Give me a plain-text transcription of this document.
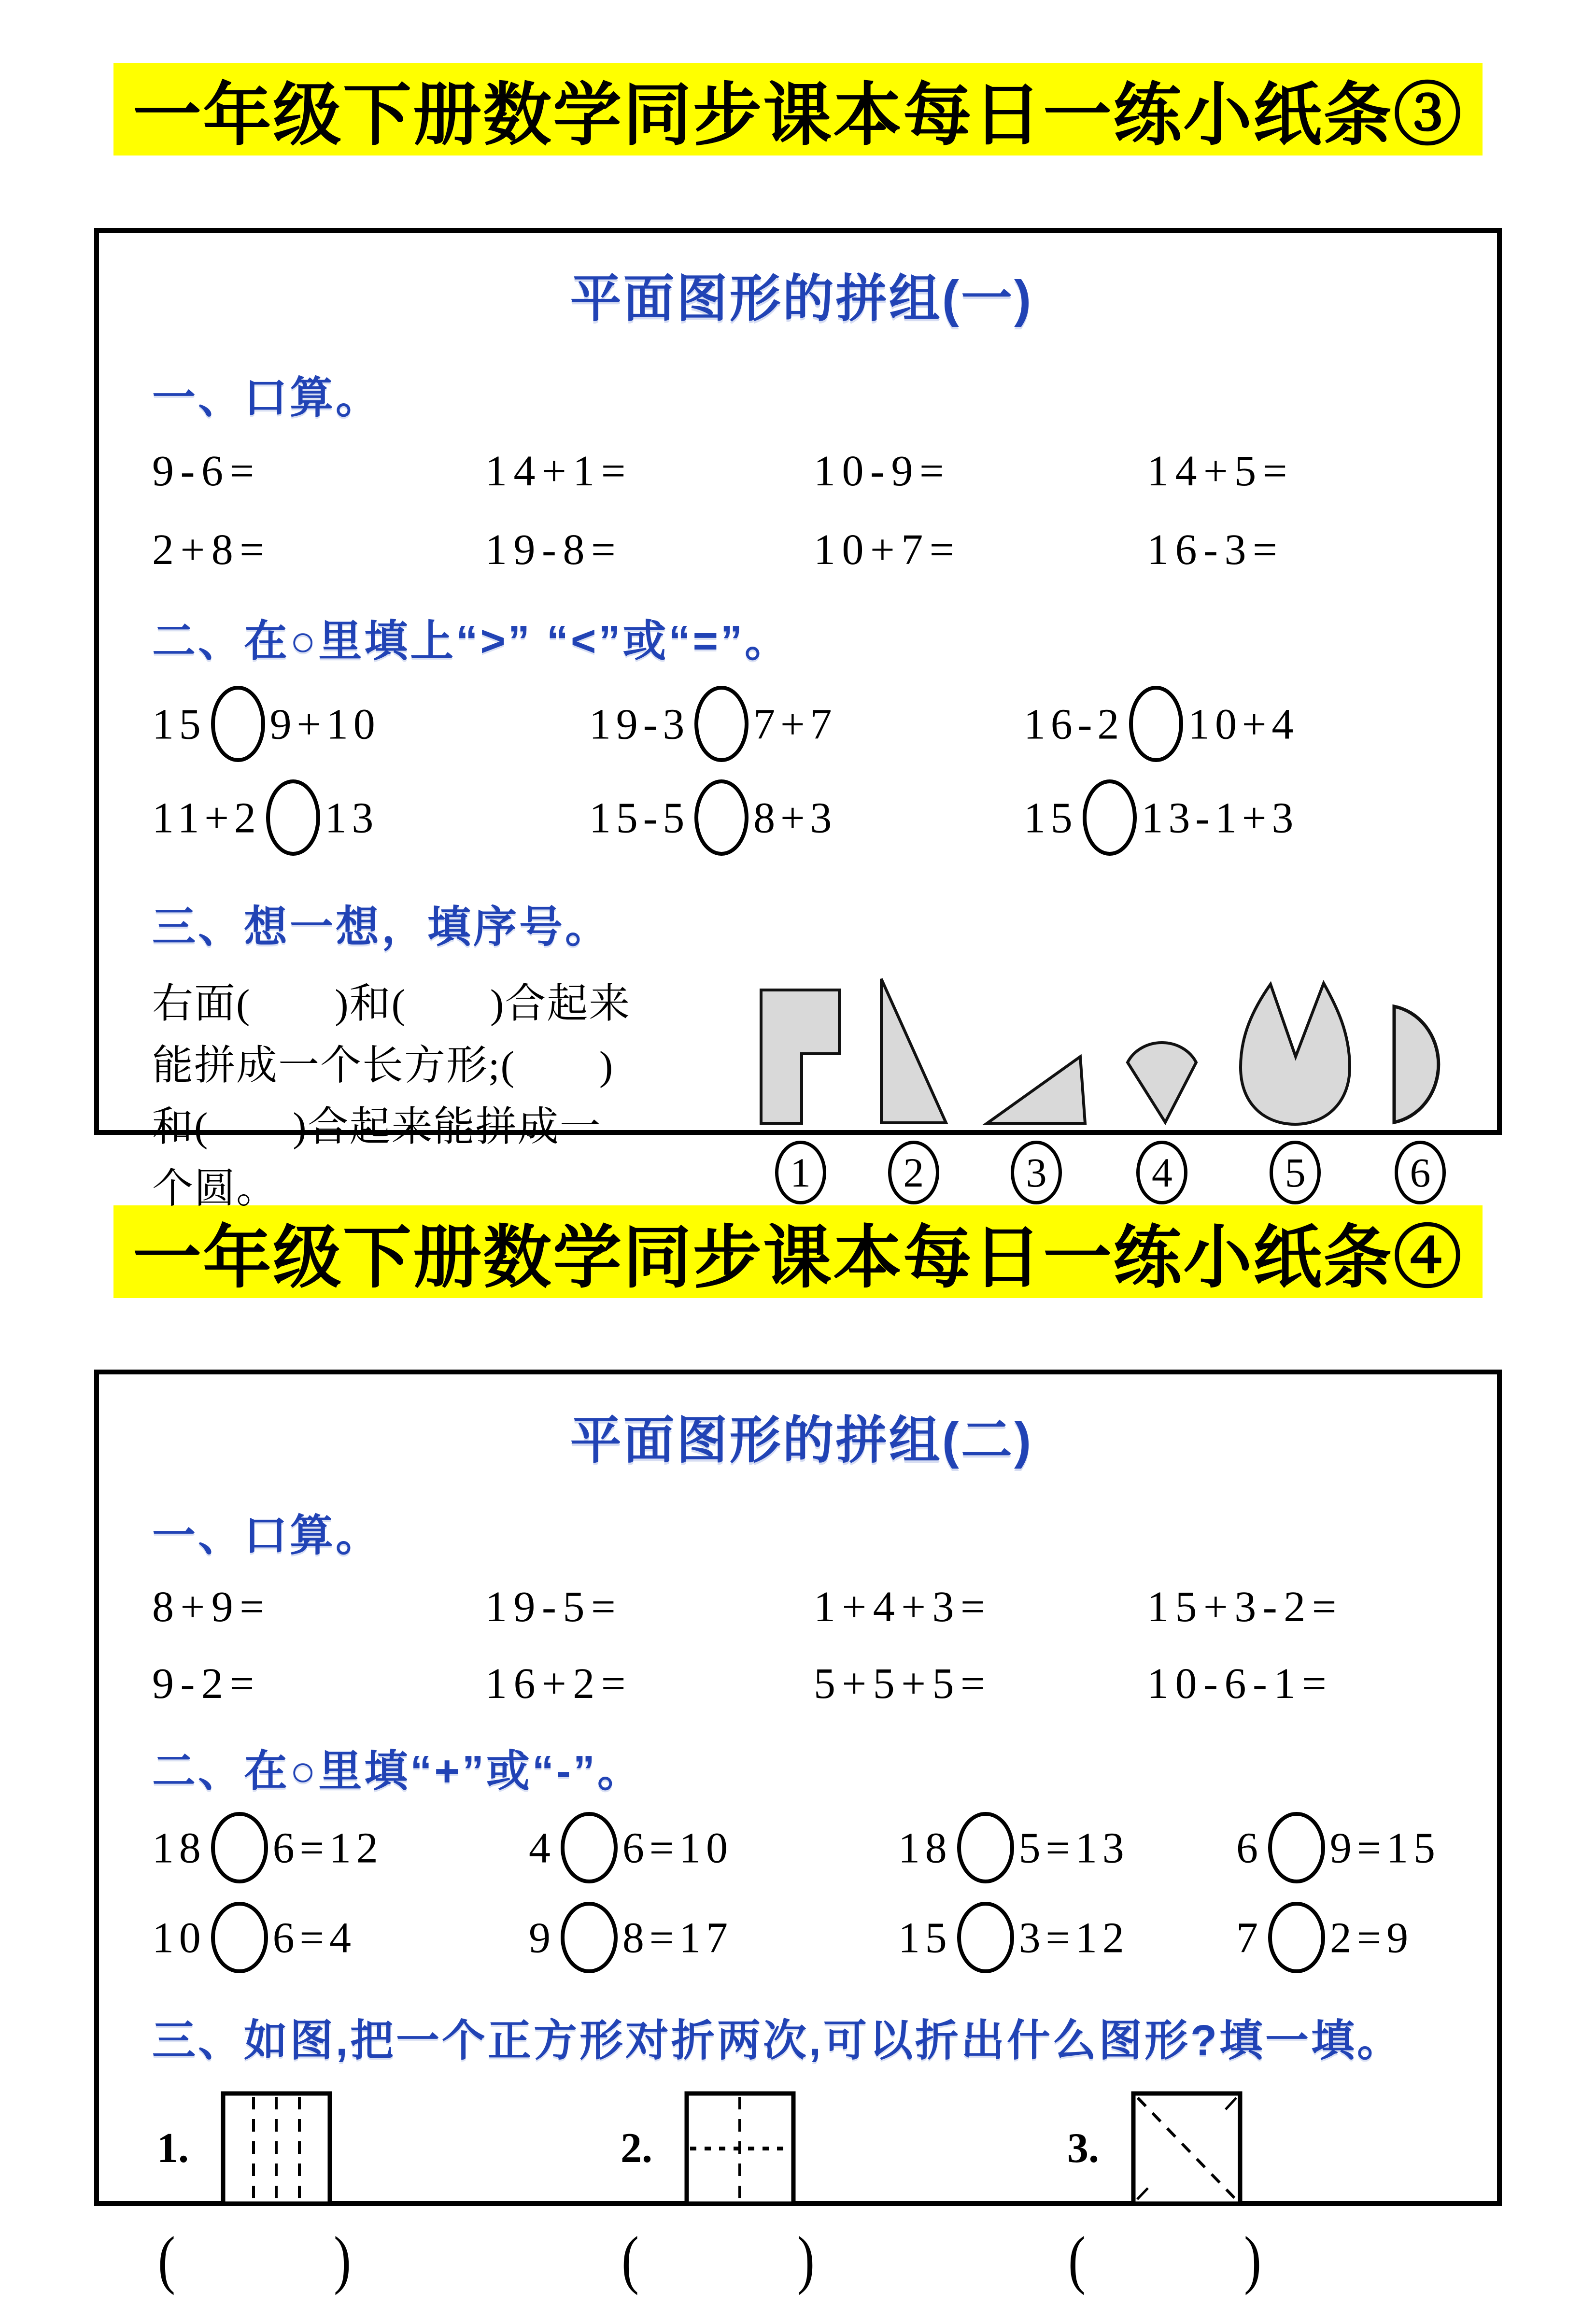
一年级下册数学同步课本每日一练小纸条③
平面图形的拼组(一)
一、口算。
9-6=	14+1=	10-9=	14+5=
2+8=	19-8=	10+7=	16-3=
二、在○里填上“>” “<”或“=”。
15 9+10	19-3 7+7	16-2 10+4
11+2 13	15-5 8+3	15 13-1+3
三、想一想，填序号。
右面(　　)和(　　)合起来
能拼成一个长方形;(　　)
和(　　)合起来能拼成一
个圆。	1	2	3	4	5	6
一年级下册数学同步课本每日一练小纸条④
平面图形的拼组(二)
一、口算。
8+9=	19-5=	1+4+3=	15+3-2=
9-2=	16+2=	5+5+5=	10-6-1=
二、在○里填“+”或“-”。
18 6=12	4 6=10	18 5=13	6 9=15
10 6=4	9 8=17	15 3=12	7 2=9
三、如图,把一个正方形对折两次,可以折出什么图形?填一填。
1.	2.	3.
(	)	(	)	(	)
